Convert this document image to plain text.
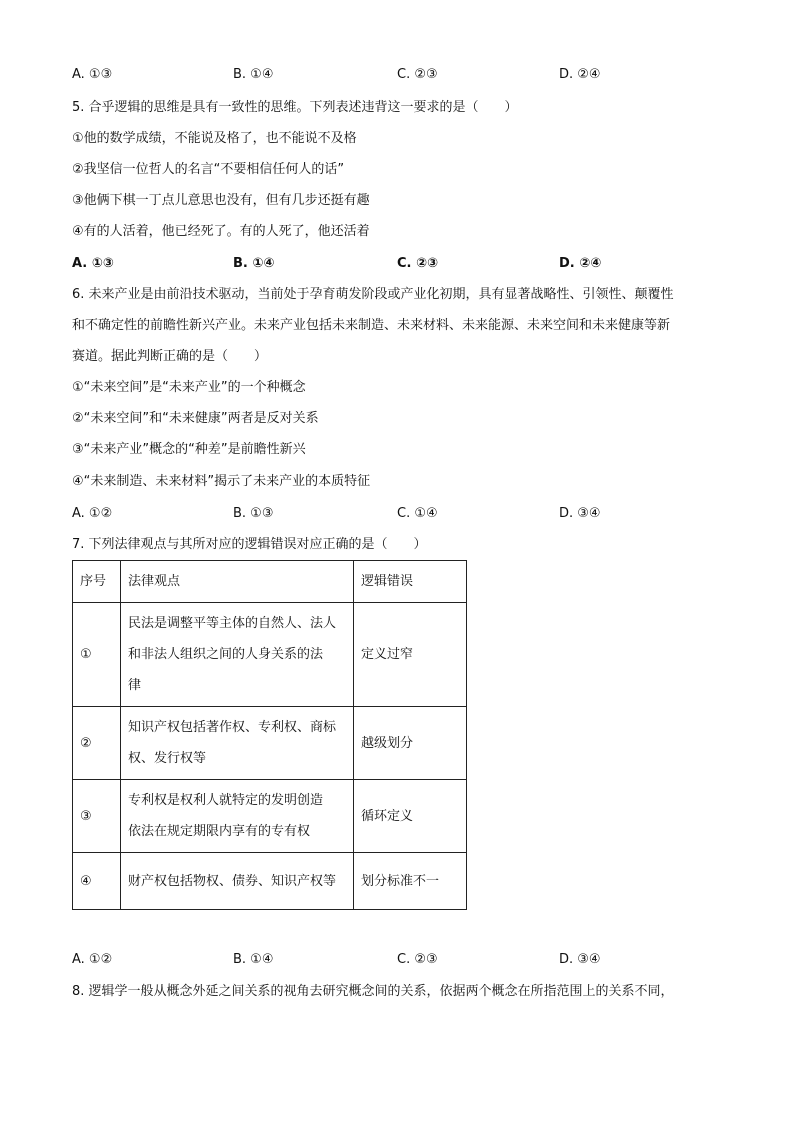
A. ①③	B. ①④	C. ②③	D. ②④
5. 合乎逻辑的思维是具有一致性的思维。下列表述违背这一要求的是（　　）
①他的数学成绩，不能说及格了，也不能说不及格
②我坚信一位哲人的名言“不要相信任何人的话”
③他俩下棋一丁点儿意思也没有，但有几步还挺有趣
④有的人活着，他已经死了。有的人死了，他还活着
A. ①③	B. ①④	C. ②③	D. ②④
6. 未来产业是由前沿技术驱动，当前处于孕育萌发阶段或产业化初期，具有显著战略性、引领性、颠覆性
和不确定性的前瞻性新兴产业。未来产业包括未来制造、未来材料、未来能源、未来空间和未来健康等新
赛道。据此判断正确的是（　　）
①“未来空间”是“未来产业”的一个种概念
②“未来空间”和“未来健康”两者是反对关系
③“未来产业”概念的“种差”是前瞻性新兴
④“未来制造、未来材料”揭示了未来产业的本质特征
A. ①②	B. ①③	C. ①④	D. ③④
7. 下列法律观点与其所对应的逻辑错误对应正确的是（　　）
序号	法律观点	逻辑错误
①	民法是调整平等主体的自然人、法人
和非法人组织之间的人身关系的法
律	定义过窄
②	知识产权包括著作权、专利权、商标
权、发行权等	越级划分
③	专利权是权利人就特定的发明创造
依法在规定期限内享有的专有权	循环定义
④	财产权包括物权、债券、知识产权等	划分标准不一
A. ①②	B. ①④	C. ②③	D. ③④
8. 逻辑学一般从概念外延之间关系的视角去研究概念间的关系，依据两个概念在所指范围上的关系不同，
